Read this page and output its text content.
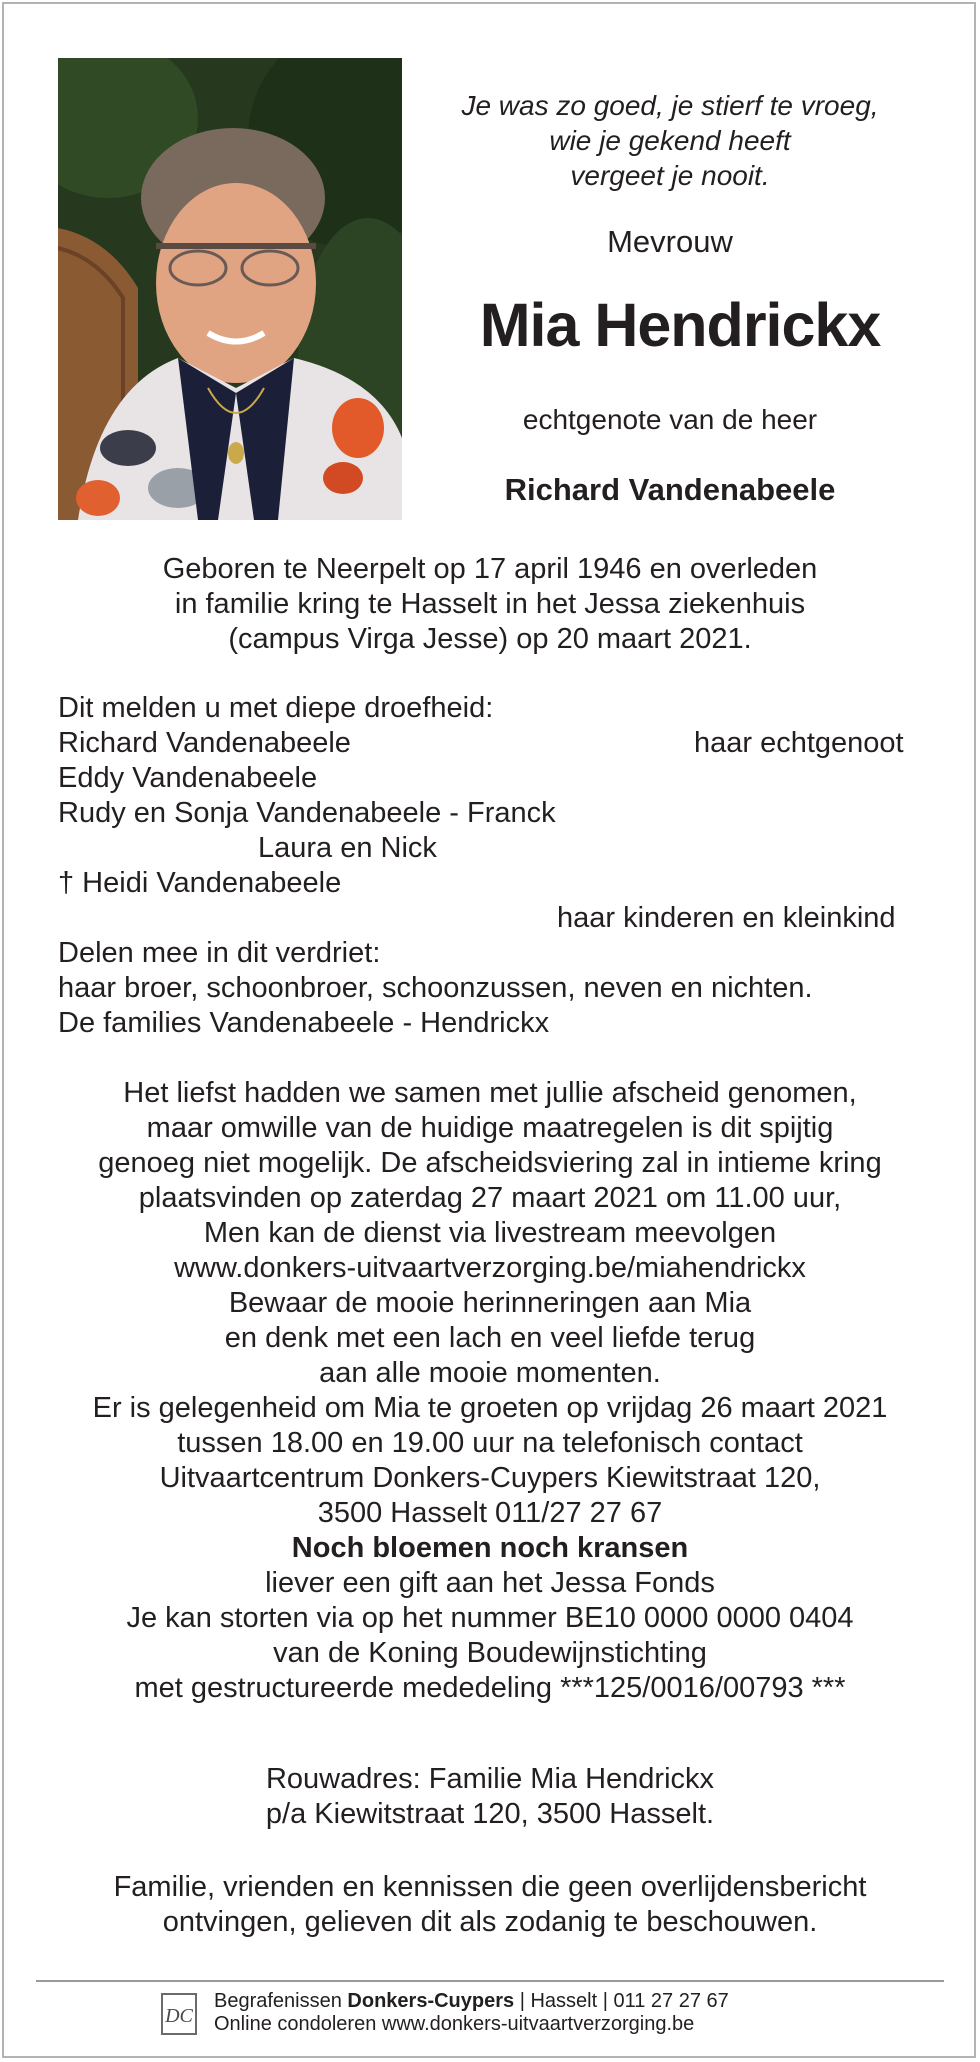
Je was zo goed, je stierf te vroeg,
wie je gekend heeft
vergeet je nooit.
Mevrouw
Mia Hendrickx
echtgenote van de heer
Richard Vandenabeele
Geboren te Neerpelt op 17 april 1946 en overleden
in familie kring te Hasselt in het Jessa ziekenhuis
(campus Virga Jesse) op 20 maart 2021.
Dit melden u met diepe droefheid:
Richard Vandenabeele	haar echtgenoot
Eddy Vandenabeele
Rudy en Sonja Vandenabeele - Franck
Laura en Nick
† Heidi Vandenabeele
haar kinderen en kleinkind
Delen mee in dit verdriet:
haar broer, schoonbroer, schoonzussen, neven en nichten.
De families Vandenabeele - Hendrickx
Het liefst hadden we samen met jullie afscheid genomen,
maar omwille van de huidige maatregelen is dit spijtig
genoeg niet mogelijk. De afscheidsviering zal in intieme kring
plaatsvinden op zaterdag 27 maart 2021 om 11.00 uur,
Men kan de dienst via livestream meevolgen
www.donkers-uitvaartverzorging.be/miahendrickx
Bewaar de mooie herinneringen aan Mia
en denk met een lach en veel liefde terug
aan alle mooie momenten.
Er is gelegenheid om Mia te groeten op vrijdag 26 maart 2021
tussen 18.00 en 19.00 uur na telefonisch contact
Uitvaartcentrum Donkers-Cuypers Kiewitstraat 120,
3500 Hasselt 011/27 27 67
Noch bloemen noch kransen
liever een gift aan het Jessa Fonds
Je kan storten via op het nummer BE10 0000 0000 0404
van de Koning Boudewijnstichting
met gestructureerde mededeling ***125/0016/00793 ***
Rouwadres: Familie Mia Hendrickx
p/a Kiewitstraat 120, 3500 Hasselt.
Familie, vrienden en kennissen die geen overlijdensbericht
ontvingen, gelieven dit als zodanig te beschouwen.
DC
Begrafenissen Donkers-Cuypers | Hasselt | 011 27 27 67
Online condoleren www.donkers-uitvaartverzorging.be
